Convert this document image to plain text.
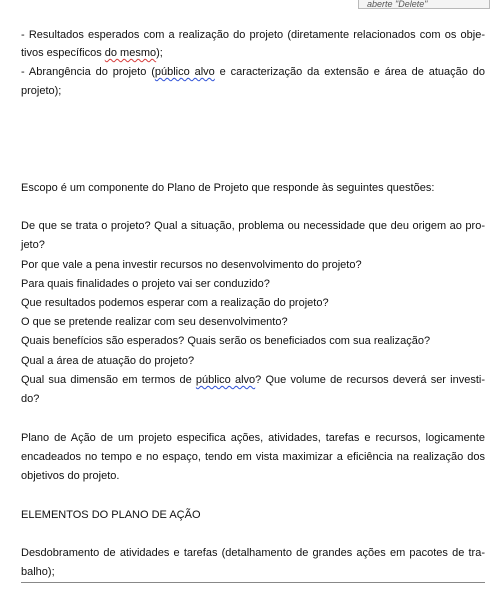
aberte "Delete"
- Resultados esperados com a realização do projeto (diretamente relacionados com os obje-
tivos específicos do mesmo);
- Abrangência do projeto (público alvo e caracterização da extensão e área de atuação do
projeto);
Escopo é um componente do Plano de Projeto que responde às seguintes questões:
De que se trata o projeto? Qual a situação, problema ou necessidade que deu origem ao pro-
jeto?
Por que vale a pena investir recursos no desenvolvimento do projeto?
Para quais finalidades o projeto vai ser conduzido?
Que resultados podemos esperar com a realização do projeto?
O que se pretende realizar com seu desenvolvimento?
Quais benefícios são esperados? Quais serão os beneficiados com sua realização?
Qual a área de atuação do projeto?
Qual sua dimensão em termos de público alvo? Que volume de recursos deverá ser investi-
do?
Plano de Ação de um projeto especifica ações, atividades, tarefas e recursos, logicamente
encadeados no tempo e no espaço, tendo em vista maximizar a eficiência na realização dos
objetivos do projeto.
ELEMENTOS DO PLANO DE AÇÃO
Desdobramento de atividades e tarefas (detalhamento de grandes ações em pacotes de tra-
balho);
